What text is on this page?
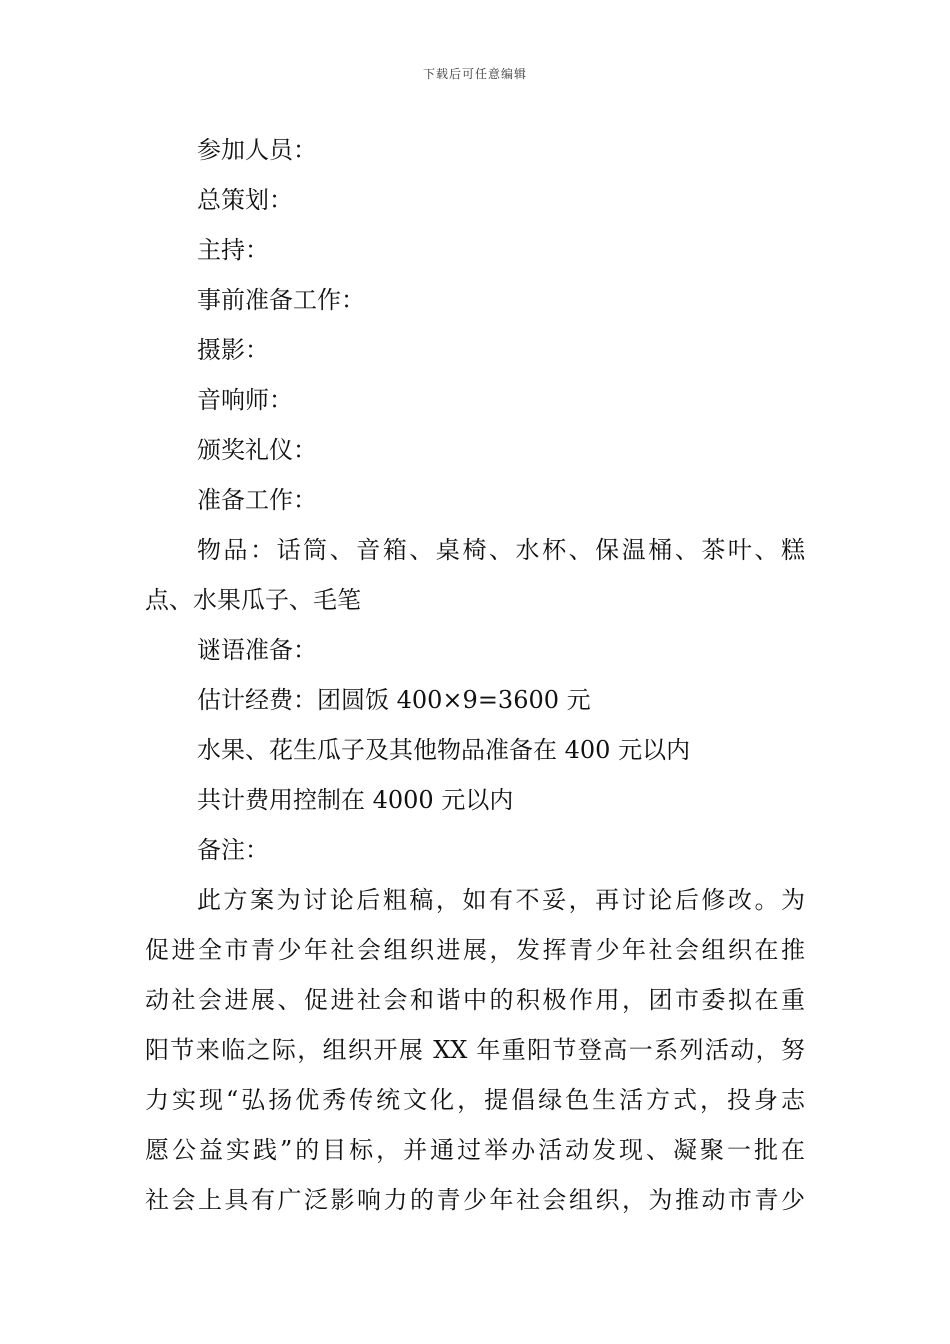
下载后可任意编辑
参加人员：
总策划：
主持：
事前准备工作：
摄影：
音响师：
颁奖礼仪：
准备工作：
物品：话筒、音箱、桌椅、水杯、保温桶、茶叶、糕
点、水果瓜子、毛笔
谜语准备：
估计经费：团圆饭 400×9=3600 元
水果、花生瓜子及其他物品准备在 400 元以内
共计费用控制在 4000 元以内
备注：
此方案为讨论后粗稿，如有不妥，再讨论后修改。为
促进全市青少年社会组织进展，发挥青少年社会组织在推
动社会进展、促进社会和谐中的积极作用，团市委拟在重
阳节来临之际，组织开展 XX 年重阳节登高一系列活动，努
力实现“弘扬优秀传统文化，提倡绿色生活方式，投身志
愿公益实践”的目标，并通过举办活动发现、凝聚一批在
社会上具有广泛影响力的青少年社会组织，为推动市青少
